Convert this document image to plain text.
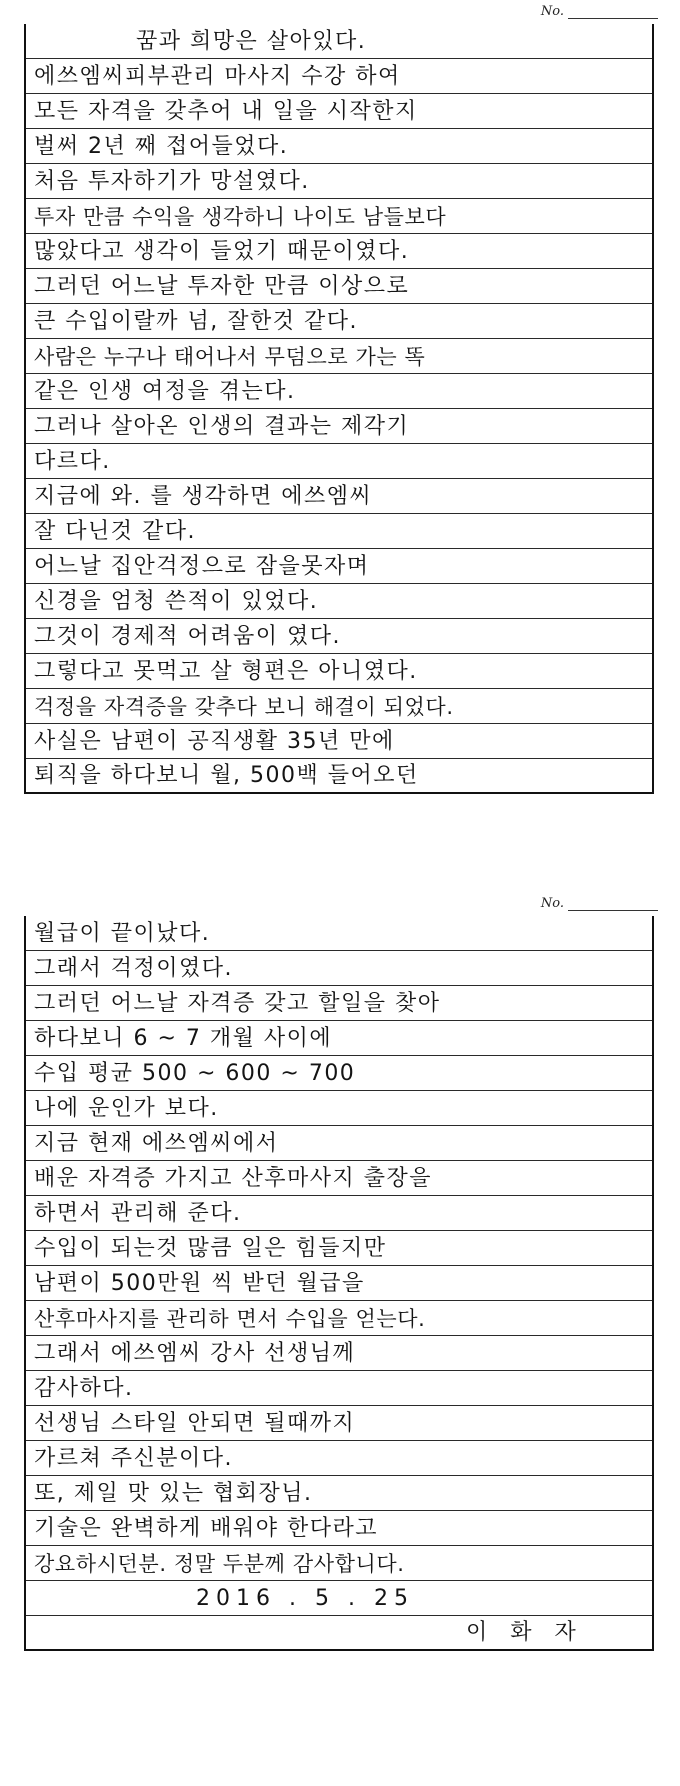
No.
꿈과 희망은 살아있다.
에쓰엠씨피부관리 마사지 수강 하여
모든 자격을 갖추어 내 일을 시작한지
벌써 2년 째 접어들었다.
처음 투자하기가 망설였다.
투자 만큼 수익을 생각하니 나이도 남들보다
많았다고 생각이 들었기 때문이였다.
그러던 어느날 투자한 만큼 이상으로
큰 수입이랄까 넘, 잘한것 같다.
사람은 누구나 태어나서 무덤으로 가는 똑
같은 인생 여정을 겪는다.
그러나 살아온 인생의 결과는 제각기
다르다.
지금에 와. 를 생각하면 에쓰엠씨
잘 다닌것 같다.
어느날 집안걱정으로 잠을못자며
신경을 엄청 쓴적이 있었다.
그것이 경제적 어려움이 였다.
그렇다고 못먹고 살 형편은 아니였다.
걱정을 자격증을 갖추다 보니 해결이 되었다.
사실은 남편이 공직생활 35년 만에
퇴직을 하다보니 월, 500백 들어오던
No.
월급이 끝이났다.
그래서 걱정이였다.
그러던 어느날 자격증 갖고 할일을 찾아
하다보니 6 ~ 7 개월 사이에
수입 평균 500 ~ 600 ~ 700
나에 운인가 보다.
지금 현재 에쓰엠씨에서
배운 자격증 가지고 산후마사지 출장을
하면서 관리해 준다.
수입이 되는것 많큼 일은 힘들지만
남편이 500만원 씩 받던 월급을
산후마사지를 관리하 면서 수입을 얻는다.
그래서 에쓰엠씨 강사 선생님께
감사하다.
선생님 스타일 안되면 될때까지
가르쳐 주신분이다.
또, 제일 맛 있는 협회장님.
기술은 완벽하게 배워야 한다라고
강요하시던분. 정말 두분께 감사합니다.
2016 . 5 . 25
이 화 자
